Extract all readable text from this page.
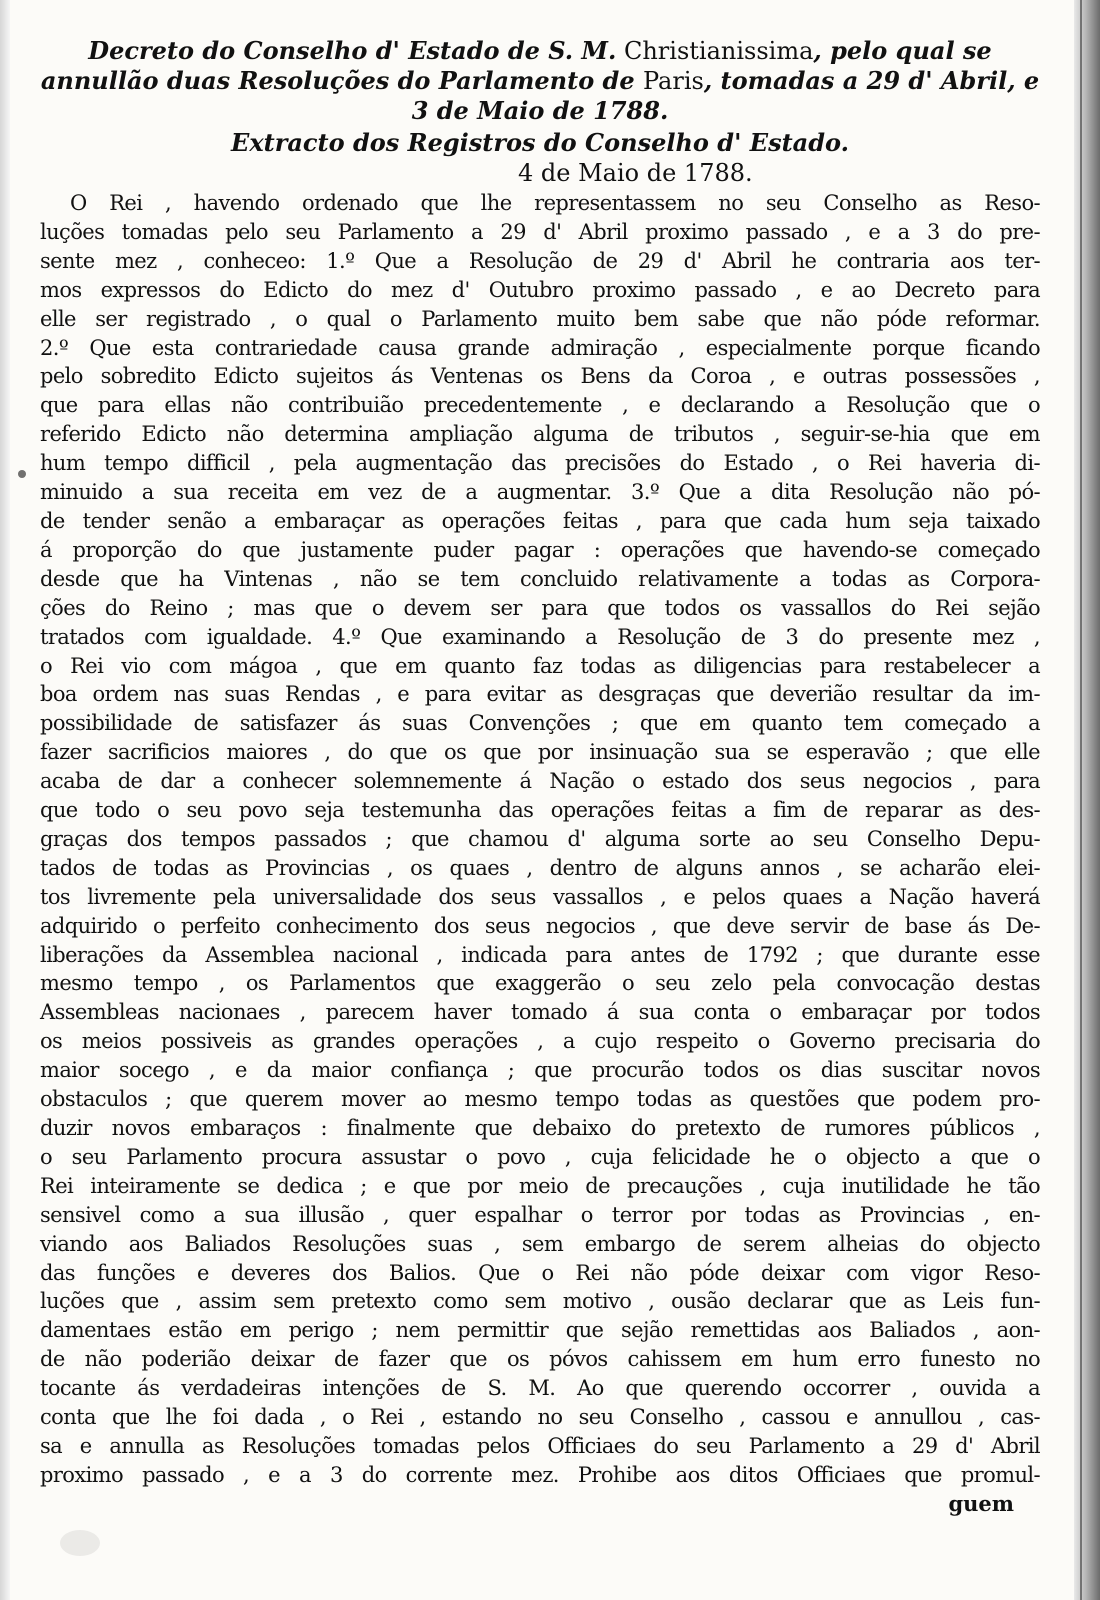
Decreto do Conselho d' Estado de S. M. Christianissima, pelo qual se annullão duas Resoluções do Parlamento de Paris, tomadas a 29 d' Abril, e 3 de Maio de 1788.
Extracto dos Registros do Conselho d' Estado.
4 de Maio de 1788.
O Rei , havendo ordenado que lhe representassem no seu Conselho as Reso-
luções tomadas pelo seu Parlamento a 29 d' Abril proximo passado , e a 3 do pre-
sente mez , conheceo: 1.º Que a Resolução de 29 d' Abril he contraria aos ter-
mos expressos do Edicto do mez d' Outubro proximo passado , e ao Decreto para
elle ser registrado , o qual o Parlamento muito bem sabe que não póde reformar.
2.º Que esta contrariedade causa grande admiração , especialmente porque ficando
pelo sobredito Edicto sujeitos ás Ventenas os Bens da Coroa , e outras possessões ,
que para ellas não contribuião precedentemente , e declarando a Resolução que o
referido Edicto não determina ampliação alguma de tributos , seguir-se-hia que em
hum tempo difficil , pela augmentação das precisões do Estado , o Rei haveria di-
minuido a sua receita em vez de a augmentar. 3.º Que a dita Resolução não pó-
de tender senão a embaraçar as operações feitas , para que cada hum seja taixado
á proporção do que justamente puder pagar : operações que havendo-se começado
desde que ha Vintenas , não se tem concluido relativamente a todas as Corpora-
ções do Reino ; mas que o devem ser para que todos os vassallos do Rei sejão
tratados com igualdade. 4.º Que examinando a Resolução de 3 do presente mez ,
o Rei vio com mágoa , que em quanto faz todas as diligencias para restabelecer a
boa ordem nas suas Rendas , e para evitar as desgraças que deverião resultar da im-
possibilidade de satisfazer ás suas Convenções ; que em quanto tem começado a
fazer sacrificios maiores , do que os que por insinuação sua se esperavão ; que elle
acaba de dar a conhecer solemnemente á Nação o estado dos seus negocios , para
que todo o seu povo seja testemunha das operações feitas a fim de reparar as des-
graças dos tempos passados ; que chamou d' alguma sorte ao seu Conselho Depu-
tados de todas as Provincias , os quaes , dentro de alguns annos , se acharão elei-
tos livremente pela universalidade dos seus vassallos , e pelos quaes a Nação haverá
adquirido o perfeito conhecimento dos seus negocios , que deve servir de base ás De-
liberações da Assemblea nacional , indicada para antes de 1792 ; que durante esse
mesmo tempo , os Parlamentos que exaggerão o seu zelo pela convocação destas
Assembleas nacionaes , parecem haver tomado á sua conta o embaraçar por todos
os meios possiveis as grandes operações , a cujo respeito o Governo precisaria do
maior socego , e da maior confiança ; que procurão todos os dias suscitar novos
obstaculos ; que querem mover ao mesmo tempo todas as questões que podem pro-
duzir novos embaraços : finalmente que debaixo do pretexto de rumores públicos ,
o seu Parlamento procura assustar o povo , cuja felicidade he o objecto a que o
Rei inteiramente se dedica ; e que por meio de precauções , cuja inutilidade he tão
sensivel como a sua illusão , quer espalhar o terror por todas as Provincias , en-
viando aos Baliados Resoluções suas , sem embargo de serem alheias do objecto
das funções e deveres dos Balios. Que o Rei não póde deixar com vigor Reso-
luções que , assim sem pretexto como sem motivo , ousão declarar que as Leis fun-
damentaes estão em perigo ; nem permittir que sejão remettidas aos Baliados , aon-
de não poderião deixar de fazer que os póvos cahissem em hum erro funesto no
tocante ás verdadeiras intenções de S. M. Ao que querendo occorrer , ouvida a
conta que lhe foi dada , o Rei , estando no seu Conselho , cassou e annullou , cas-
sa e annulla as Resoluções tomadas pelos Officiaes do seu Parlamento a 29 d' Abril
proximo passado , e a 3 do corrente mez. Prohibe aos ditos Officiaes que promul-
guem
